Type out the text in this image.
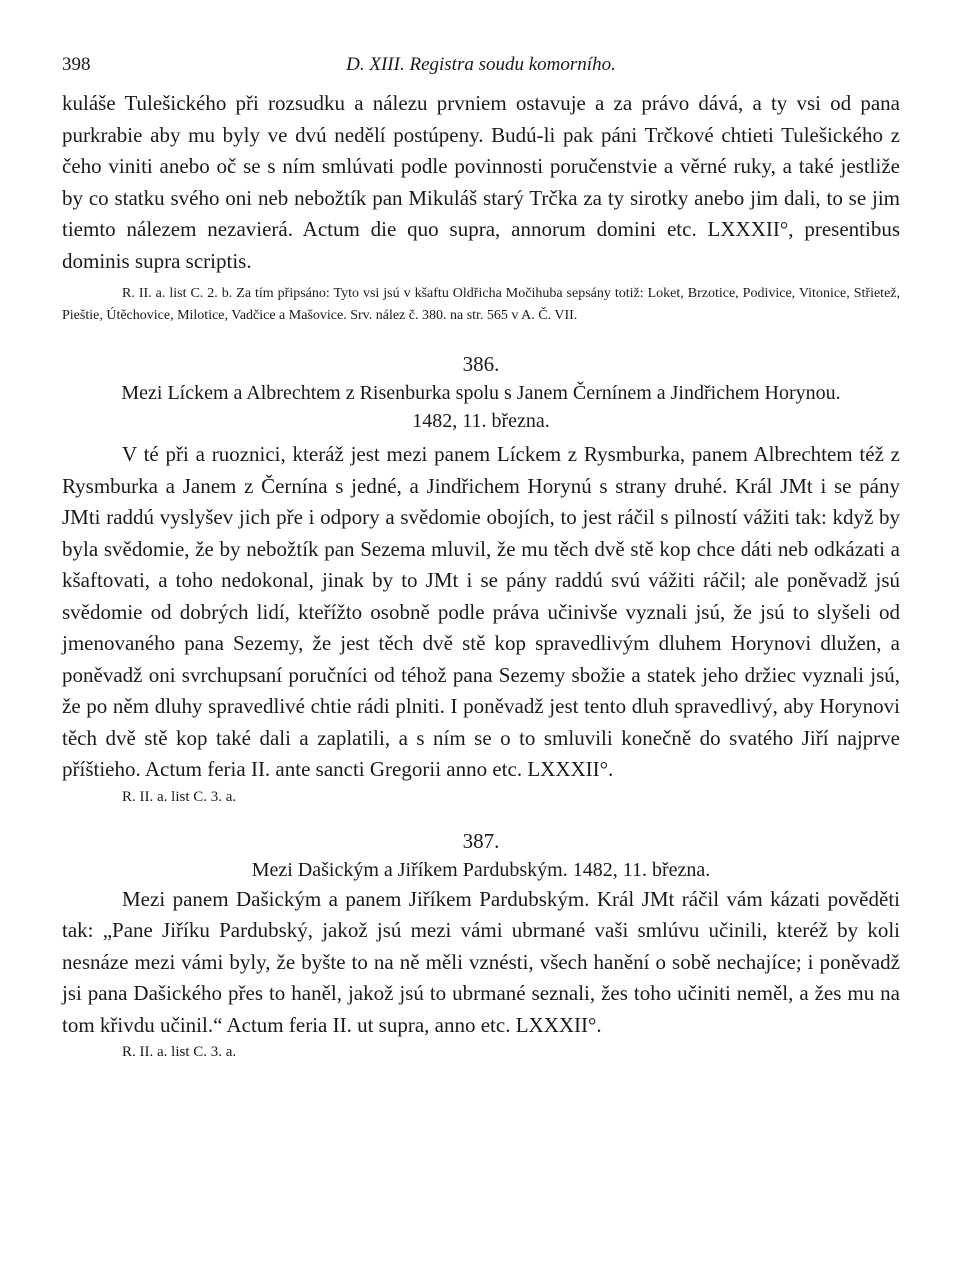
398	D. XIII. Registra soudu komorního.

kuláše Tulešického při rozsudku a nálezu prvniem ostavuje a za právo dává, a ty vsi od pana purkrabie aby mu byly ve dvú nedělí postúpeny. Budú-li pak páni Trčkové chtieti Tulešického z čeho viniti anebo oč se s ním smlúvati podle povinnosti poručenstvie a věrné ruky, a také jestliže by co statku svého oni neb nebožtík pan Mikuláš starý Trčka za ty sirotky anebo jim dali, to se jim tiemto nálezem nezavierá. Actum die quo supra, annorum domini etc. LXXXII°, presentibus dominis supra scriptis.

R. II. a. list C. 2. b. Za tím připsáno: Tyto vsi jsú v kšaftu Oldřicha Močihuba sepsány totiž: Loket, Brzotice, Podivice, Vitonice, Střietež, Pieštie, Útěchovice, Milotice, Vadčice a Mašovice. Srv. nález č. 380. na str. 565 v A. Č. VII.

386.

Mezi Líckem a Albrechtem z Risenburka spolu s Janem Černínem a Jindřichem Horynou.

1482, 11. března.

V té při a ruoznici, kteráž jest mezi panem Líckem z Rysmburka, panem Albrechtem též z Rysmburka a Janem z Černína s jedné, a Jindřichem Horynú s strany druhé. Král JMt i se pány JMti raddú vyslyšev jich pře i odpory a svědomie obojích, to jest ráčil s pilností vážiti tak: když by byla svědomie, že by nebožtík pan Sezema mluvil, že mu těch dvě stě kop chce dáti neb odkázati a kšaftovati, a toho nedokonal, jinak by to JMt i se pány raddú svú vážiti ráčil; ale poněvadž jsú svědomie od dobrých lidí, kteřížto osobně podle práva učinivše vyznali jsú, že jsú to slyšeli od jmenovaného pana Sezemy, že jest těch dvě stě kop spravedlivým dluhem Horynovi dlužen, a poněvadž oni svrchupsaní poručníci od téhož pana Sezemy sbožie a statek jeho držiec vyznali jsú, že po něm dluhy spravedlivé chtie rádi plniti. I poněvadž jest tento dluh spravedlivý, aby Horynovi těch dvě stě kop také dali a zaplatili, a s ním se o to smluvili konečně do svatého Jiří najprve příštieho. Actum feria II. ante sancti Gregorii anno etc. LXXXII°.

R. II. a. list C. 3. a.

387.

Mezi Dašickým a Jiříkem Pardubským. 1482, 11. března.

Mezi panem Dašickým a panem Jiříkem Pardubským. Král JMt ráčil vám kázati pověděti tak: „Pane Jiříku Pardubský, jakož jsú mezi vámi ubrmané vaši smlúvu učinili, kteréž by koli nesnáze mezi vámi byly, že byšte to na ně měli vznésti, všech hanění o sobě nechajíce; i poněvadž jsi pana Dašického přes to haněl, jakož jsú to ubrmané seznali, žes toho učiniti neměl, a žes mu na tom křivdu učinil.“ Actum feria II. ut supra, anno etc. LXXXII°.

R. II. a. list C. 3. a.
